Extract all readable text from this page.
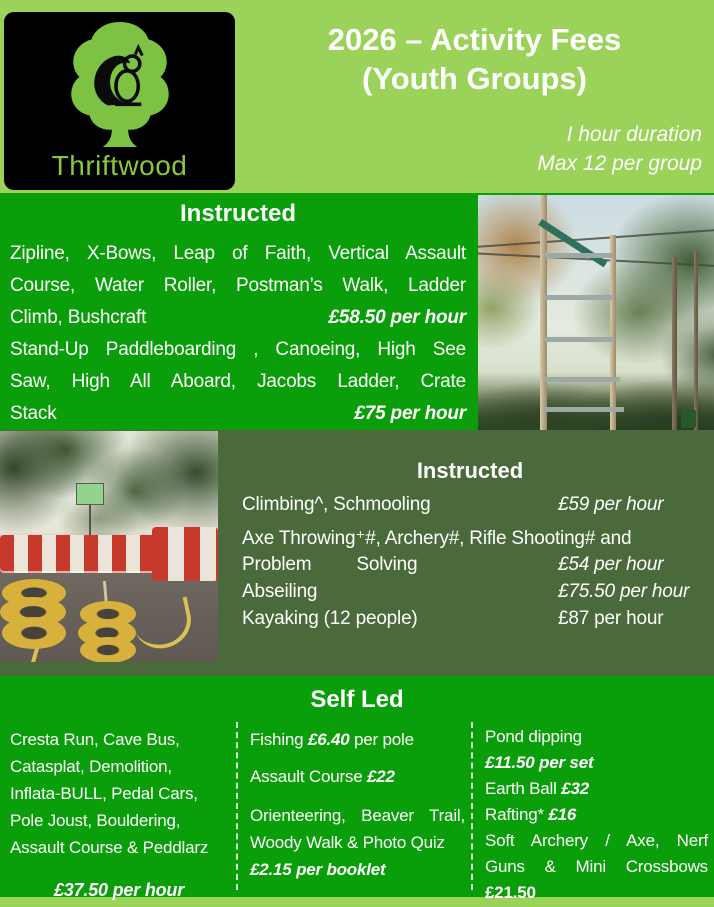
Thriftwood
2026 – Activity Fees
(Youth Groups)
I hour duration
Max 12 per group
Instructed
Zipline, X-Bows, Leap of Faith, Vertical Assault
Course, Water Roller, Postman’s Walk, Ladder
Climb, Bushcraft	£58.50 per hour
Stand-Up Paddleboarding , Canoeing, High See
Saw, High All Aboard, Jacobs Ladder, Crate
Stack	£75 per hour
Instructed
Climbing^, Schmooling	£59 per hour
Axe Throwing⁺#, Archery#, Rifle Shooting# and
Problem Solving	£54 per hour
Abseiling	£75.50 per hour
Kayaking (12 people)	£87 per hour
Self Led
Cresta Run, Cave Bus,
Catasplat, Demolition,
Inflata-BULL, Pedal Cars,
Pole Joust, Bouldering,
Assault Course & Peddlarz
£37.50 per hour
Fishing £6.40 per pole
Assault Course £22
Orienteering, Beaver Trail,
Woody Walk & Photo Quiz
£2.15 per booklet
Pond dipping
£11.50 per set
Earth Ball £32
Rafting* £16
Soft Archery / Axe, Nerf
Guns & Mini Crossbows
£21.50
